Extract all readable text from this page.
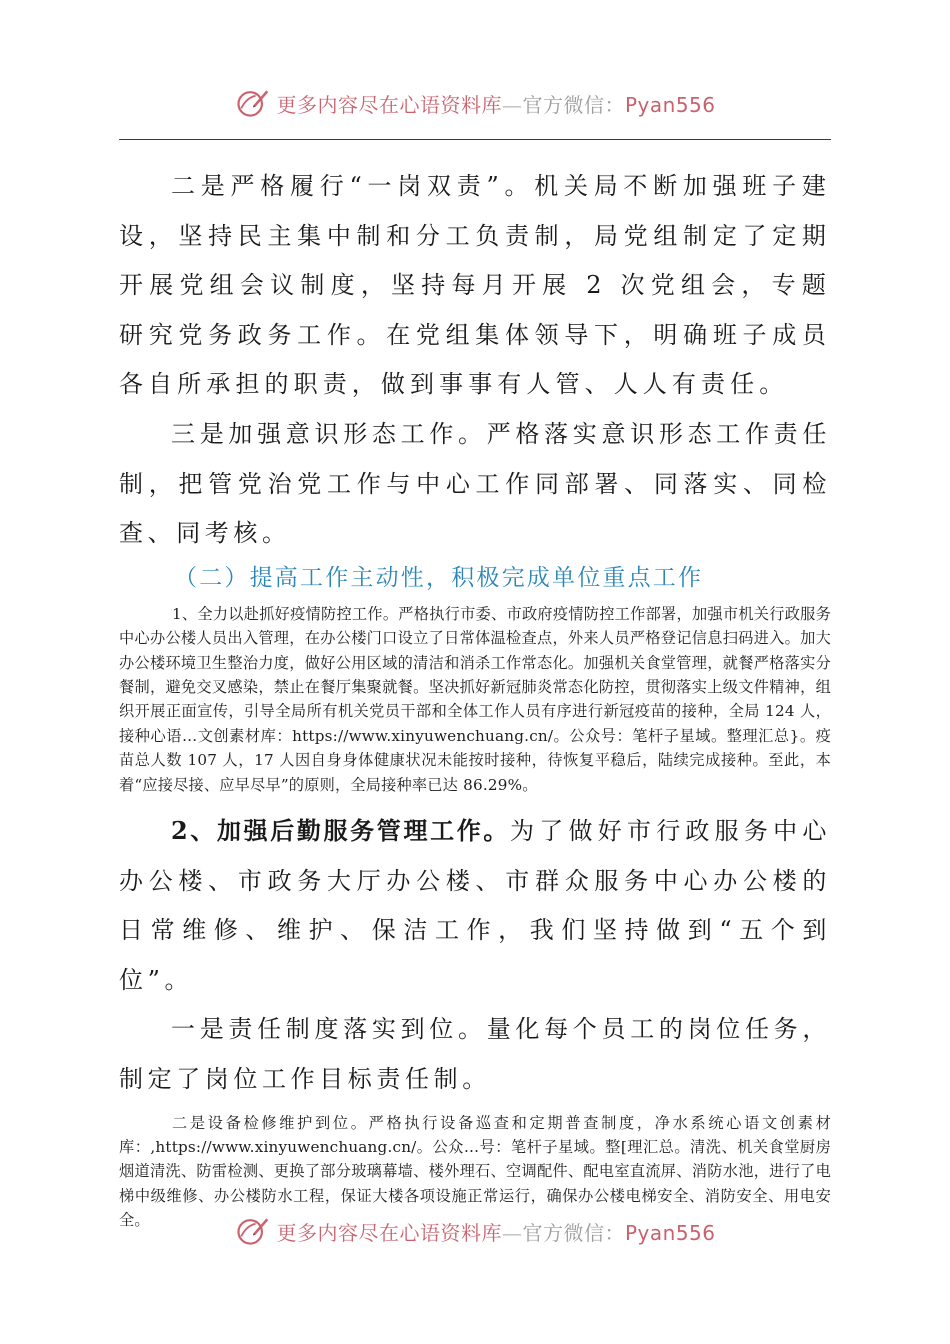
更多内容尽在心语资料库—官方微信：Pyan556

二是严格履行“一岗双责”。机关局不断加强班子建设，坚持民主集中制和分工负责制，局党组制定了定期开展党组会议制度，坚持每月开展 2 次党组会，专题研究党务政务工作。在党组集体领导下，明确班子成员各自所承担的职责，做到事事有人管、人人有责任。

三是加强意识形态工作。严格落实意识形态工作责任制，把管党治党工作与中心工作同部署、同落实、同检查、同考核。

（二）提高工作主动性，积极完成单位重点工作

1、全力以赴抓好疫情防控工作。严格执行市委、市政府疫情防控工作部署，加强市机关行政服务中心办公楼人员出入管理，在办公楼门口设立了日常体温检查点，外来人员严格登记信息扫码进入。加大办公楼环境卫生整治力度，做好公用区域的清洁和消杀工作常态化。加强机关食堂管理，就餐严格落实分餐制，避免交叉感染，禁止在餐厅集聚就餐。坚决抓好新冠肺炎常态化防控，贯彻落实上级文件精神，组织开展正面宣传，引导全局所有机关党员干部和全体工作人员有序进行新冠疫苗的接种，全局 124 人，接种心语…文创素材库：https://www.xinyuwenchuang.cn/。公众号：笔杆子星域。整理汇总}。疫苗总人数 107 人，17 人因自身身体健康状况未能按时接种，待恢复平稳后，陆续完成接种。至此，本着“应接尽接、应早尽早”的原则，全局接种率已达 86.29%。

2、加强后勤服务管理工作。为了做好市行政服务中心办公楼、市政务大厅办公楼、市群众服务中心办公楼的日常维修、维护、保洁工作，我们坚持做到“五个到位”。

一是责任制度落实到位。量化每个员工的岗位任务，制定了岗位工作目标责任制。

二是设备检修维护到位。严格执行设备巡查和定期普查制度，净水系统心语文创素材库：,https://www.xinyuwenchuang.cn/。公众…号：笔杆子星域。整[理汇总。清洗、机关食堂厨房烟道清洗、防雷检测、更换了部分玻璃幕墙、楼外理石、空调配件、配电室直流屏、消防水池，进行了电梯中级维修、办公楼防水工程，保证大楼各项设施正常运行，确保办公楼电梯安全、消防安全、用电安全。

更多内容尽在心语资料库—官方微信：Pyan556
